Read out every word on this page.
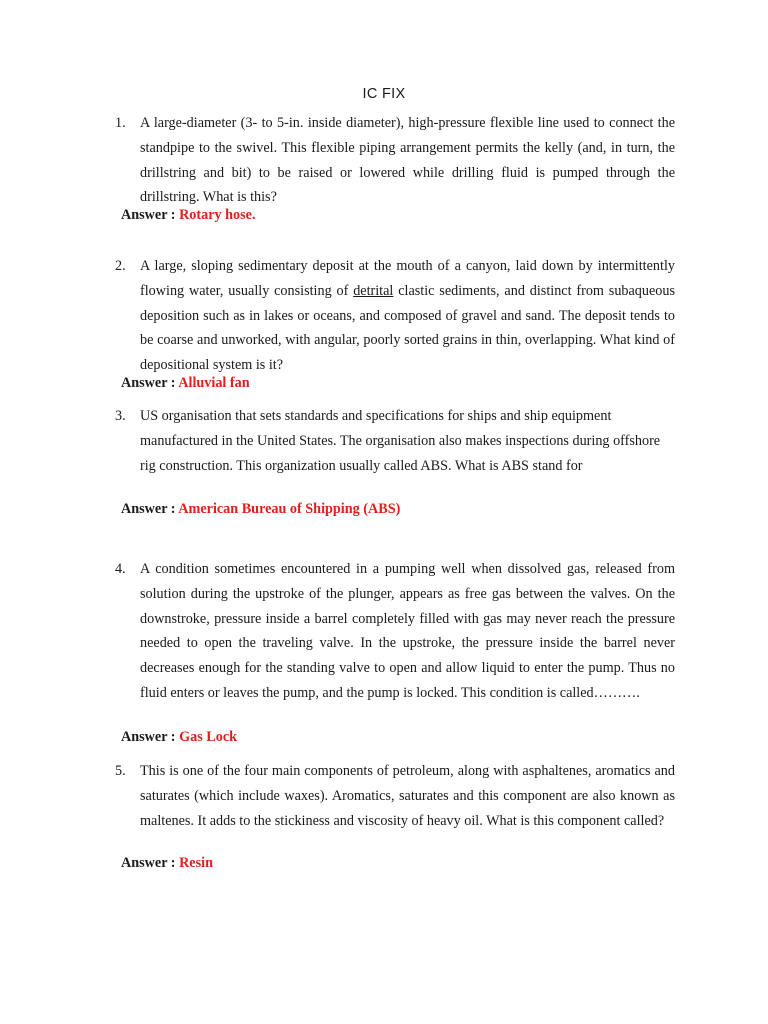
IC FIX
1. A large-diameter (3- to 5-in. inside diameter), high-pressure flexible line used to connect the standpipe to the swivel. This flexible piping arrangement permits the kelly (and, in turn, the drillstring and bit) to be raised or lowered while drilling fluid is pumped through the drillstring. What is this?
Answer : Rotary hose.
2. A large, sloping sedimentary deposit at the mouth of a canyon, laid down by intermittently flowing water, usually consisting of detrital clastic sediments, and distinct from subaqueous deposition such as in lakes or oceans, and composed of gravel and sand. The deposit tends to be coarse and unworked, with angular, poorly sorted grains in thin, overlapping. What kind of depositional system is it?
Answer : Alluvial fan
3. US organisation that sets standards and specifications for ships and ship equipment manufactured in the United States. The organisation also makes inspections during offshore rig construction. This organization usually called ABS. What is ABS stand for
Answer : American Bureau of Shipping (ABS)
4. A condition sometimes encountered in a pumping well when dissolved gas, released from solution during the upstroke of the plunger, appears as free gas between the valves. On the downstroke, pressure inside a barrel completely filled with gas may never reach the pressure needed to open the traveling valve. In the upstroke, the pressure inside the barrel never decreases enough for the standing valve to open and allow liquid to enter the pump. Thus no fluid enters or leaves the pump, and the pump is locked. This condition is called……….
Answer : Gas Lock
5. This is one of the four main components of petroleum, along with asphaltenes, aromatics and saturates (which include waxes). Aromatics, saturates and this component are also known as maltenes. It adds to the stickiness and viscosity of heavy oil. What is this component called?
Answer : Resin
